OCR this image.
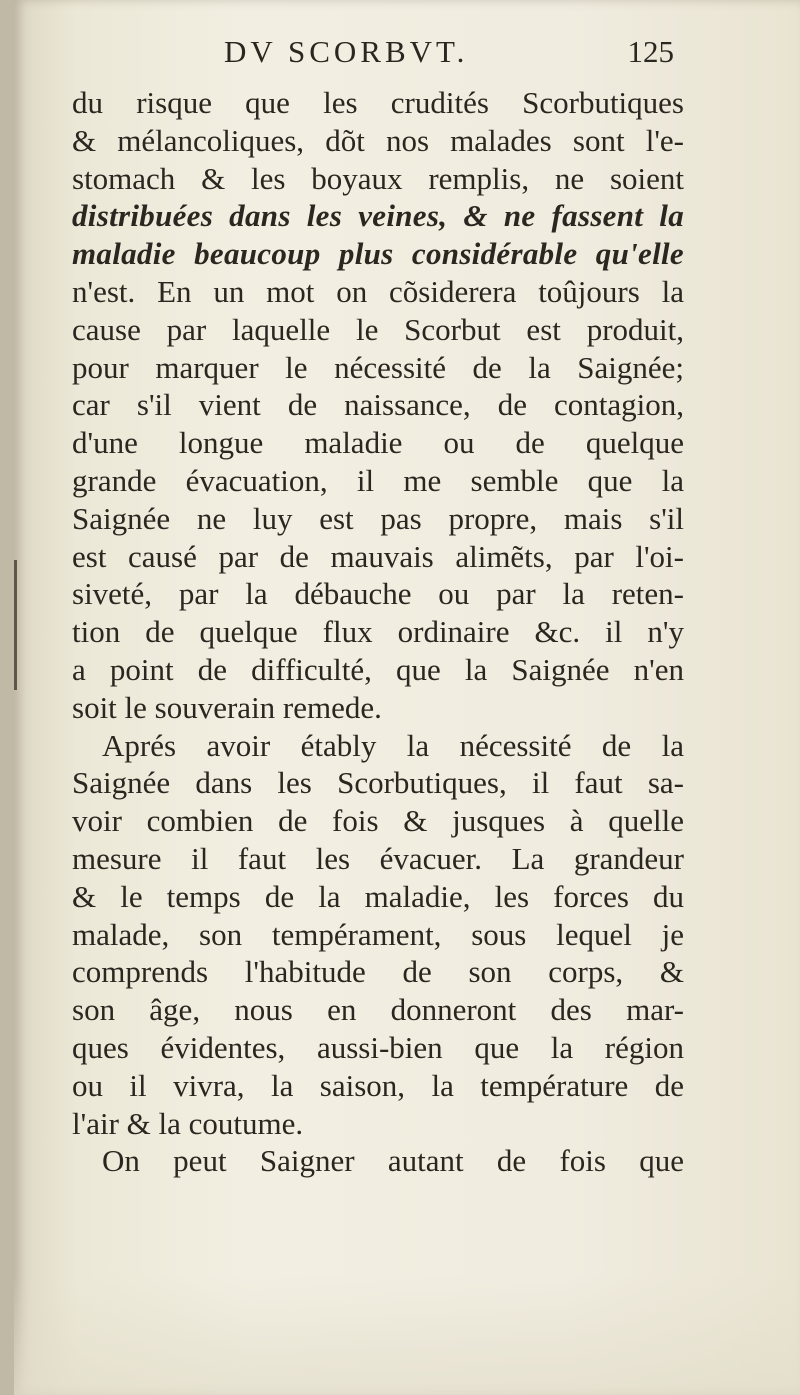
DV SCORBVT.	125
du risque que les crudités Scorbutiques
& mélancoliques, dõt nos malades sont l'e-
stomach & les boyaux remplis, ne soient
distribuées dans les veines, & ne fassent la
maladie beaucoup plus considérable qu'elle
n'est. En un mot on cõsiderera toûjours la
cause par laquelle le Scorbut est produit,
pour marquer le nécessité de la Saignée;
car s'il vient de naissance, de contagion,
d'une longue maladie ou de quelque
grande évacuation, il me semble que la
Saignée ne luy est pas propre, mais s'il
est causé par de mauvais alimẽts, par l'oi-
siveté, par la débauche ou par la reten-
tion de quelque flux ordinaire &c. il n'y
a point de difficulté, que la Saignée n'en
soit le souverain remede.
Aprés avoir étably la nécessité de la
Saignée dans les Scorbutiques, il faut sa-
voir combien de fois & jusques à quelle
mesure il faut les évacuer. La grandeur
& le temps de la maladie, les forces du
malade, son tempérament, sous lequel je
comprends l'habitude de son corps, &
son âge, nous en donneront des mar-
ques évidentes, aussi-bien que la région
ou il vivra, la saison, la température de
l'air & la coutume.
On peut Saigner autant de fois que
